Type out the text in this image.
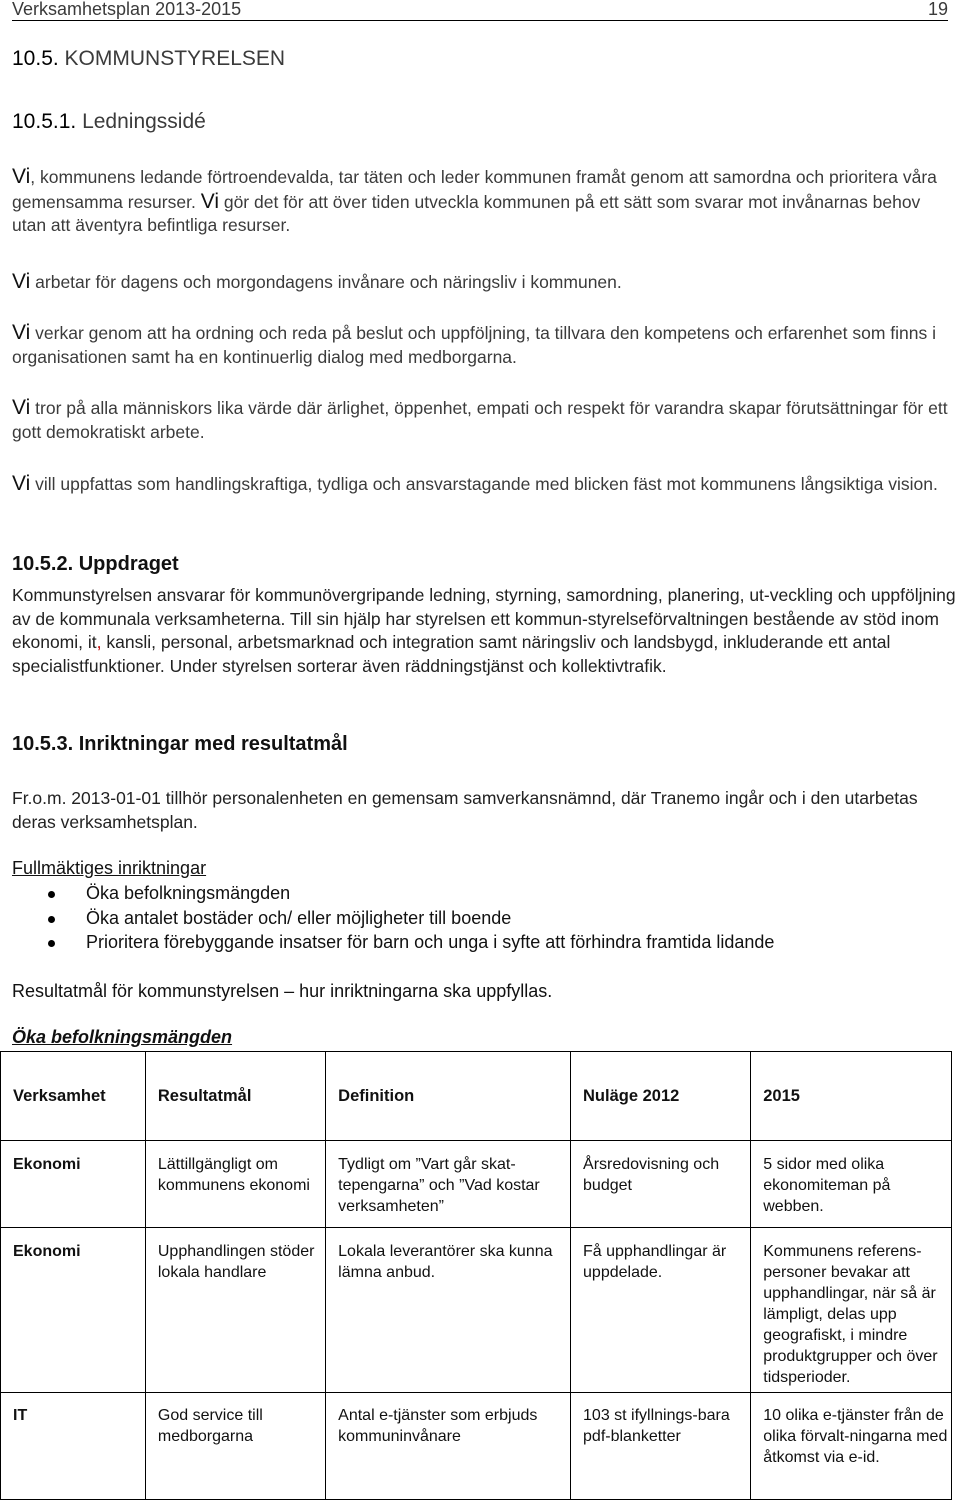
Verksamhetsplan 2013-2015	19
10.5. KOMMUNSTYRELSEN
10.5.1. Ledningssidé
Vi, kommunens ledande förtroendevalda, tar täten och leder kommunen framåt genom att samordna och prioritera våra gemensamma resurser. Vi gör det för att över tiden utveckla kommunen på ett sätt som svarar mot invånarnas behov utan att äventyra befintliga resurser.
Vi arbetar för dagens och morgondagens invånare och näringsliv i kommunen.
Vi verkar genom att ha ordning och reda på beslut och uppföljning, ta tillvara den kompetens och erfarenhet som finns i organisationen samt ha en kontinuerlig dialog med medborgarna.
Vi tror på alla människors lika värde där ärlighet, öppenhet, empati och respekt för varandra skapar förutsättningar för ett gott demokratiskt arbete.
Vi vill uppfattas som handlingskraftiga, tydliga och ansvarstagande med blicken fäst mot kommunens långsiktiga vision.
10.5.2. Uppdraget
Kommunstyrelsen ansvarar för kommunövergripande ledning, styrning, samordning, planering, ut-veckling och uppföljning av de kommunala verksamheterna. Till sin hjälp har styrelsen ett kommun-styrelseförvaltningen bestående av stöd inom ekonomi, it, kansli, personal, arbetsmarknad och integration samt näringsliv och landsbygd, inkluderande ett antal specialistfunktioner. Under styrelsen sorterar även räddningstjänst och kollektivtrafik.
10.5.3. Inriktningar med resultatmål
Fr.o.m. 2013-01-01 tillhör personalenheten en gemensam samverkansnämnd, där Tranemo ingår och i den utarbetas deras verksamhetsplan.
Fullmäktiges inriktningar
Öka befolkningsmängden
Öka antalet bostäder och/ eller möjligheter till boende
Prioritera förebyggande insatser för barn och unga i syfte att förhindra framtida lidande
Resultatmål för kommunstyrelsen – hur inriktningarna ska uppfyllas.
Öka befolkningsmängden
Verksamhet	Resultatmål	Definition	Nuläge 2012	2015
Ekonomi	Lättillgängligt om kommunens ekonomi	Tydligt om ”Vart går skat-tepengarna” och ”Vad kostar verksamheten”	Årsredovisning och budget	5 sidor med olika ekonomiteman på webben.
Ekonomi	Upphandlingen stöder lokala handlare	Lokala leverantörer ska kunna lämna anbud.	Få upphandlingar är uppdelade.	Kommunens referens-personer bevakar att upphandlingar, när så är lämpligt, delas upp geografiskt, i mindre produktgrupper och över tidsperioder.
IT	God service till medborgarna	Antal e-tjänster som erbjuds kommuninvånare	103 st ifyllnings-bara pdf-blanketter	10 olika e-tjänster från de olika förvalt-ningarna med åtkomst via e-id.
